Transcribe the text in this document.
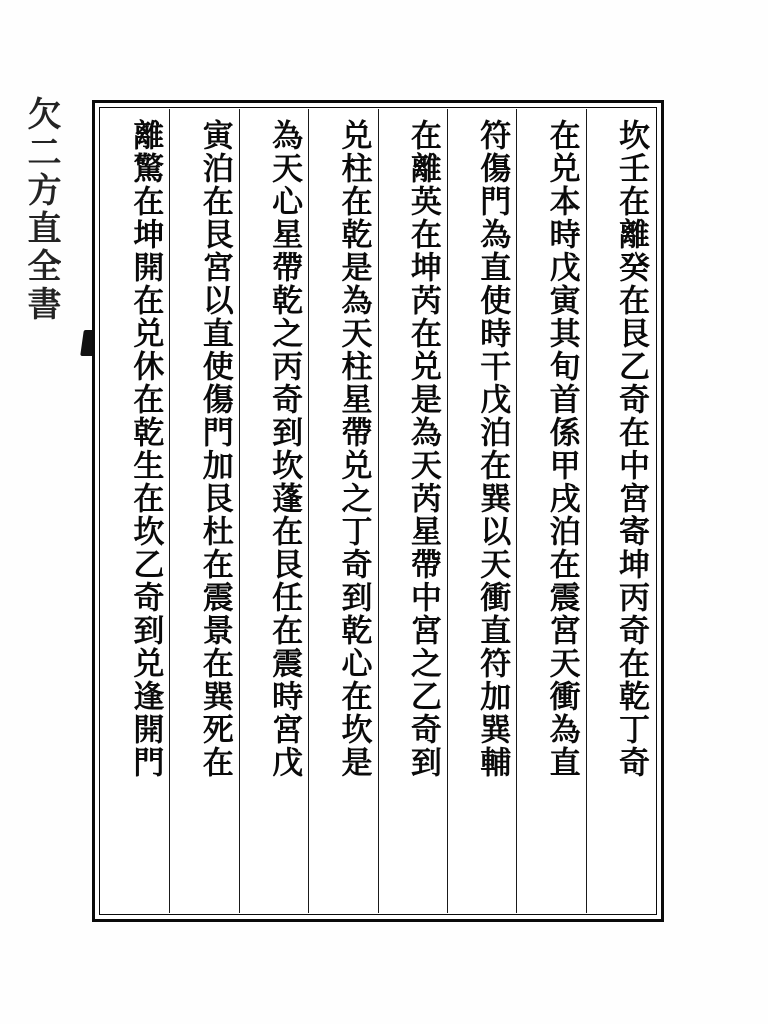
欠二方直全書	坎壬在離癸在艮乙奇在中宮寄坤丙奇在乾丁奇
在兑本時戊寅其旬首係甲戌泊在震宮天衝為直
符傷門為直使時干戊泊在巽以天衝直符加巽輔
在離英在坤芮在兑是為天芮星帶中宮之乙奇到
兑柱在乾是為天柱星帶兑之丁奇到乾心在坎是
為天心星帶乾之丙奇到坎蓬在艮任在震時宮戊
寅泊在艮宮以直使傷門加艮杜在震景在巽死在
離驚在坤開在兑休在乾生在坎乙奇到兑逢開門
